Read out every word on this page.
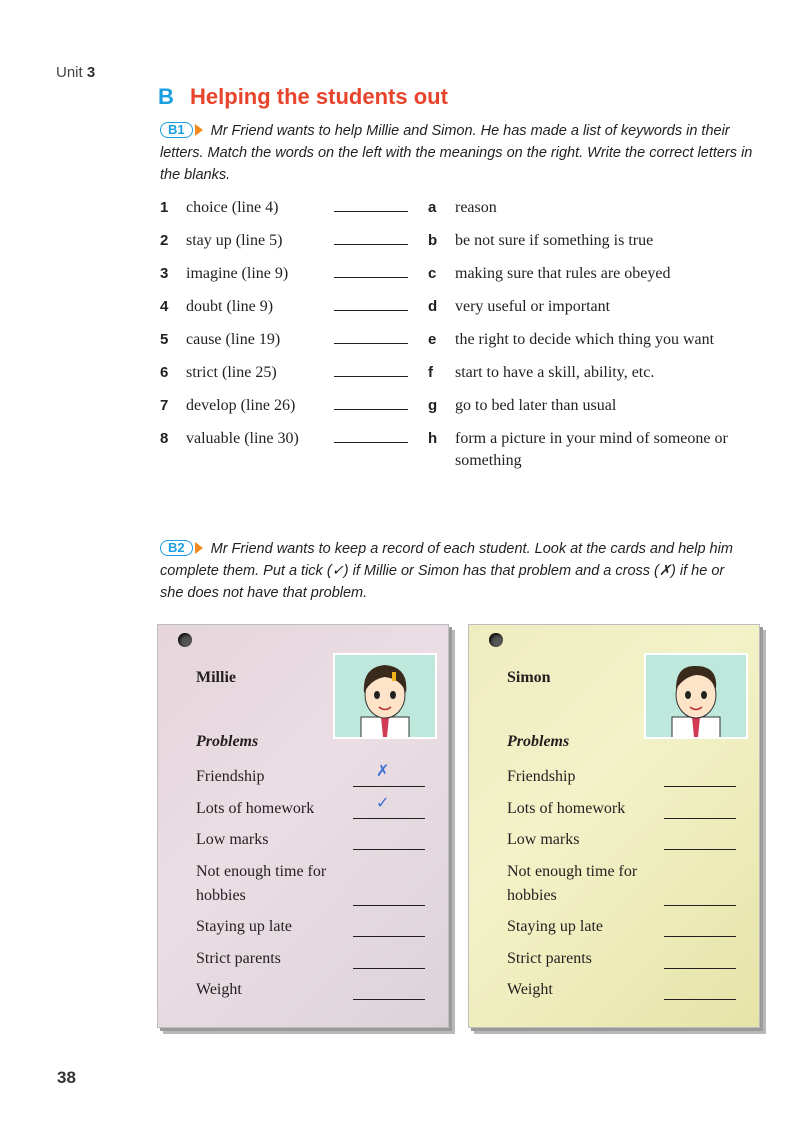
Unit 3
B Helping the students out
B1 Mr Friend wants to help Millie and Simon. He has made a list of keywords in their letters. Match the words on the left with the meanings on the right. Write the correct letters in the blanks.
1	choice (line 4)	a	reason
2	stay up (line 5)	b	be not sure if something is true
3	imagine (line 9)	c	making sure that rules are obeyed
4	doubt (line 9)	d	very useful or important
5	cause (line 19)	e	the right to decide which thing you want
6	strict (line 25)	f	start to have a skill, ability, etc.
7	develop (line 26)	g	go to bed later than usual
8	valuable (line 30)	h	form a picture in your mind of someone or something
B2 Mr Friend wants to keep a record of each student. Look at the cards and help him complete them. Put a tick (✓) if Millie or Simon has that problem and a cross (✗) if he or she does not have that problem.
Millie
Problems
Friendship	✗
Lots of homework	✓
Low marks
Not enough time for hobbies
Staying up late
Strict parents
Weight
Simon
Problems
Friendship
Lots of homework
Low marks
Not enough time for hobbies
Staying up late
Strict parents
Weight
38
